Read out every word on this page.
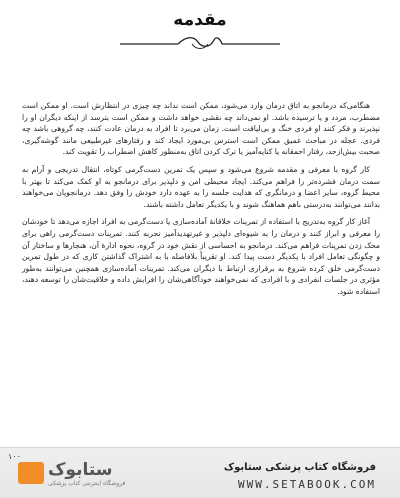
مقدمه

هنگامی‌که درمانجو به اتاق درمان وارد می‌شود، ممکن است نداند چه چیزی در انتظارش است. او ممکن است مضطرب، مردد و یا ترسیده باشد. او نمی‌داند چه نقشی خواهد داشت و ممکن است بترسد از اینکه دیگران او را نپذیرند و فکر کنند او فردی خنگ و بی‌لیاقت است. زمان می‌برد تا افراد به درمان عادت کنند، چه گروهی باشد چه فردی. عجله در مباحث عمیق ممکن است استرس بی‌مورد ایجاد کند و رفتارهای غیرطبیعی مانند گوشه‌گیری، صحبت بیش‌ازحد، رفتار احمقانه یا کنایه‌آمیز یا ترک کردن اتاق به‌منظور کاهش اضطراب را تقویت کند.

کار گروه با معرفی و مقدمه شروع می‌شود و سپس یک تمرین دست‌گرمی کوتاه، انتقال تدریجی و آرام به سمت درمان فشرده‌تر را فراهم می‌کند. ایجاد محیطی امن و دلپذیر برای درمانجو به او کمک می‌کند تا بهتر با محیط گروه، سایر اعضا و درمانگری که هدایت جلسه را به عهده دارد خودش را وفق دهد. درمانجویان می‌خواهند بدانند می‌توانند به‌درستی باهم هماهنگ شوند و با یکدیگر تعامل داشته باشند.

آغاز کار گروه به‌تدریج با استفاده از تمرینات خلاقانهٔ آماده‌سازی یا دست‌گرمی به افراد اجازه می‌دهد تا خودشان را معرفی و ابراز کنند و درمان را به شیوه‌ای دلپذیر و غیرتهدیدآمیز تجربه کنند. تمرینات دست‌گرمی راهی برای محک زدن تمرینات فراهم می‌کند. درمانجو به احساسی از نقش خود در گروه، نحوه ادارهٔ آن، هنجارها و ساختار آن و چگونگی تعامل افراد با یکدیگر دست پیدا کند. او تقریباً بلافاصله با به اشتراک گذاشتن کاری که در طول تمرین دست‌گرمی خلق کرده شروع به برقراری ارتباط با دیگران می‌کند. تمرینات آماده‌سازی همچنین می‌توانند به‌طور مؤثری در جلسات انفرادی و با افرادی که نمی‌خواهند خودآگاهی‌شان را افزایش داده و خلاقیت‌شان را توسعه دهند، استفاده شود.

۱۰۰
ستابوک
فروشگاه اینترنتی کتاب پزشکی
فروشگاه کتاب پزشکی ستابوک
WWW.SETABOOK.COM
